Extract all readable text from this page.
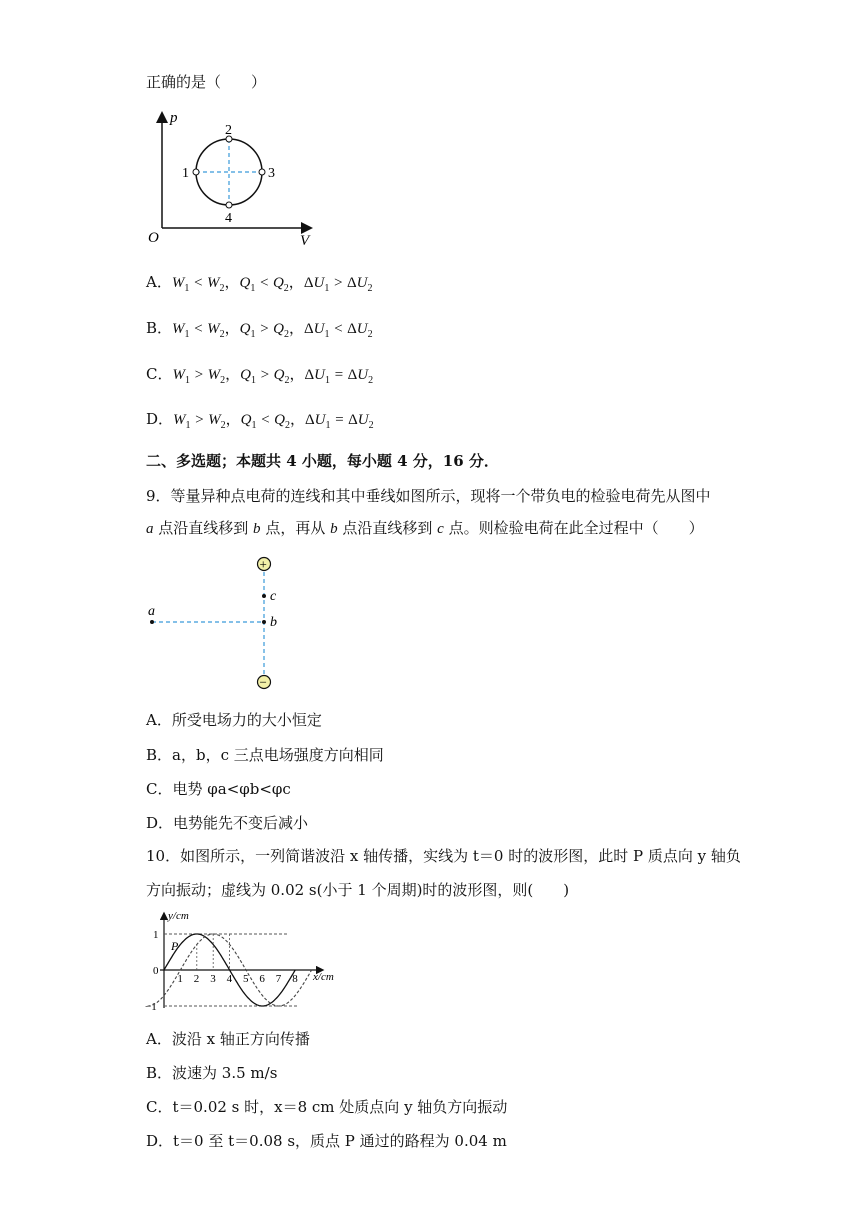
正确的是（　　）
p
V
O
1
2
3
4
A．$W_1 < W_2$，$Q_1 < Q_2$，$\Delta U_1 > \Delta U_2$
B．$W_1 < W_2$，$Q_1 > Q_2$，$\Delta U_1 < \Delta U_2$
C．$W_1 > W_2$，$Q_1 > Q_2$，$\Delta U_1 = \Delta U_2$
D．$W_1 > W_2$，$Q_1 < Q_2$，$\Delta U_1 = \Delta U_2$
二、多选题；本题共 4 小题，每小题 4 分，16 分．
9．等量异种点电荷的连线和其中垂线如图所示，现将一个带负电的检验电荷先从图中
a 点沿直线移到 b 点，再从 b 点沿直线移到 c 点。则检验电荷在此全过程中（　　）
+
−
a
b
c
A．所受电场力的大小恒定
B．a，b，c 三点电场强度方向相同
C．电势 φa<φb<φc
D．电势能先不变后减小
10．如图所示，一列简谐波沿 x 轴传播，实线为 t＝0 时的波形图，此时 P 质点向 y 轴负
方向振动；虚线为 0.02 s(小于 1 个周期)时的波形图，则(　　)
y/cm
x/cm
1
0
−1
P
1 2 3 4 5 6 7 8
A．波沿 x 轴正方向传播
B．波速为 3.5 m/s
C．t＝0.02 s 时，x＝8 cm 处质点向 y 轴负方向振动
D．t＝0 至 t＝0.08 s，质点 P 通过的路程为 0.04 m
